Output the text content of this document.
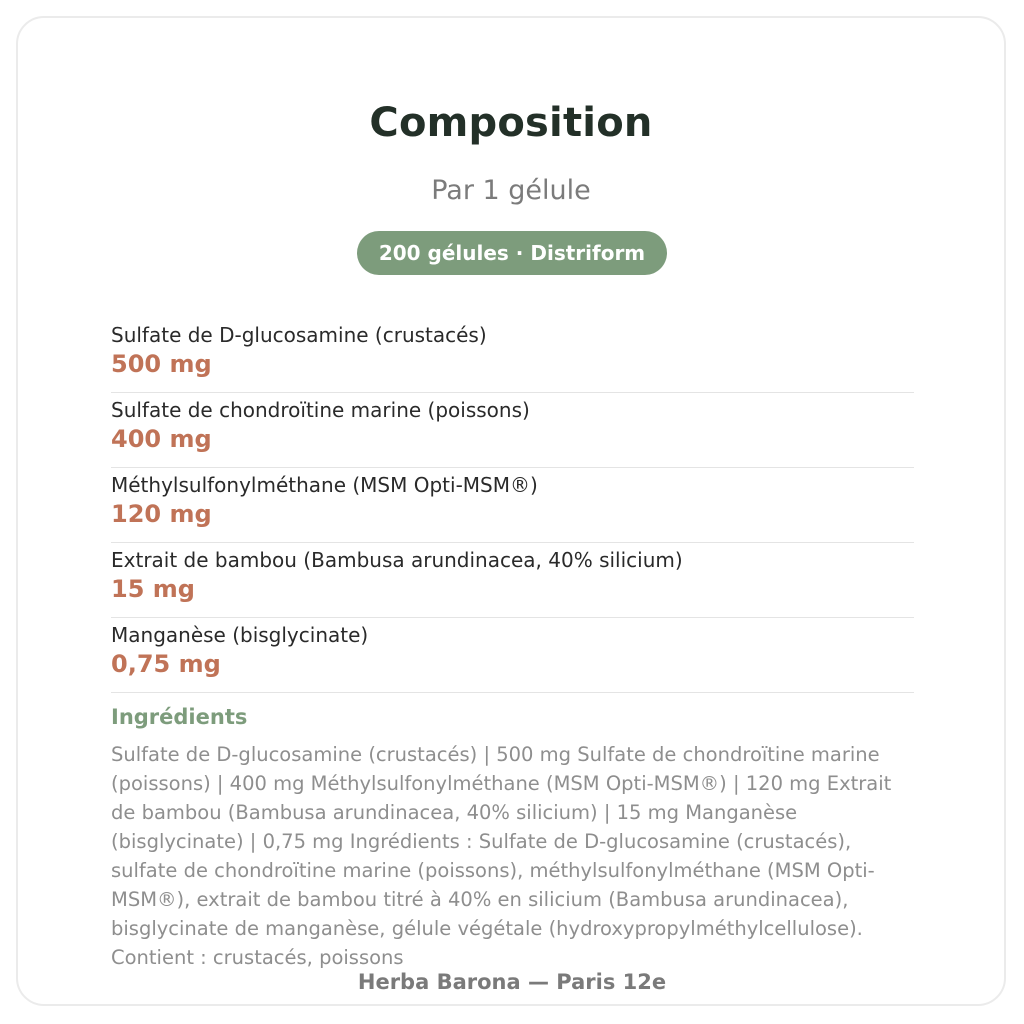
Composition
Par 1 gélule
200 gélules · Distriform
Sulfate de D-glucosamine (crustacés)
500 mg
Sulfate de chondroïtine marine (poissons)
400 mg
Méthylsulfonylméthane (MSM Opti-MSM®)
120 mg
Extrait de bambou (Bambusa arundinacea, 40% silicium)
15 mg
Manganèse (bisglycinate)
0,75 mg
Ingrédients
Sulfate de D-glucosamine (crustacés) | 500 mg Sulfate de chondroïtine marine (poissons) | 400 mg Méthylsulfonylméthane (MSM Opti-MSM®) | 120 mg Extrait de bambou (Bambusa arundinacea, 40% silicium) | 15 mg Manganèse (bisglycinate) | 0,75 mg Ingrédients : Sulfate de D-glucosamine (crustacés), sulfate de chondroïtine marine (poissons), méthylsulfonylméthane (MSM Opti-MSM®), extrait de bambou titré à 40% en silicium (Bambusa arundinacea), bisglycinate de manganèse, gélule végétale (hydroxypropylméthylcellulose). Contient : crustacés, poissons
Herba Barona — Paris 12e
